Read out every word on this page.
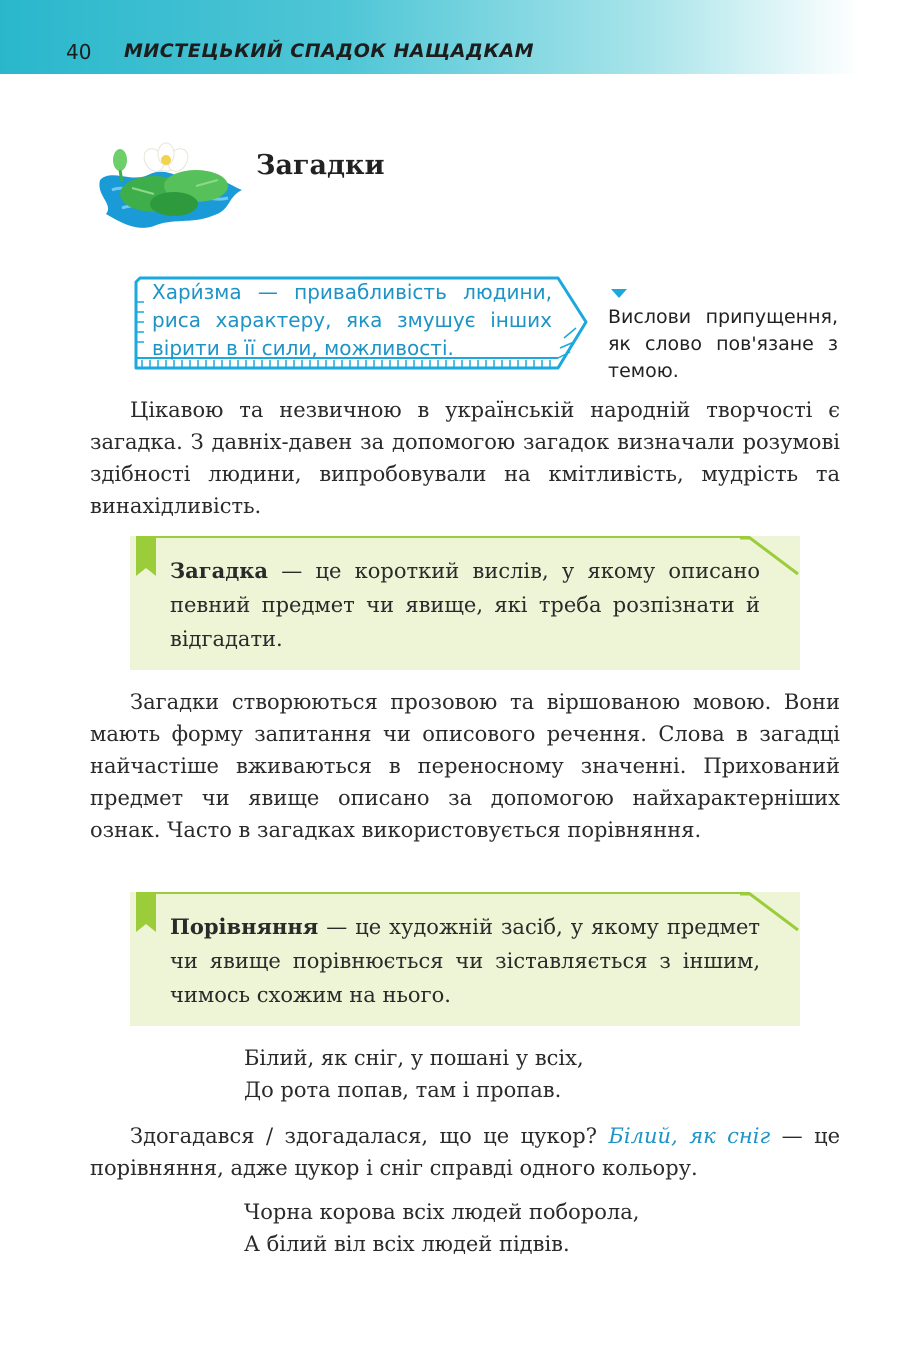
40 МИСТЕЦЬКИЙ СПАДОК НАЩАДКАМ
Загадки

Хари́зма — привабливість людини, риса характеру, яка змушує інших вірити в її сили, можливості.

Вислови припущення, як слово пов'язане з темою.

Цікавою та незвичною в українській народній творчості є загадка. З давніх-давен за допомогою загадок визначали розумові здібності людини, випробовували на кмітливість, мудрість та винахідливість.

Загадка — це короткий вислів, у якому описано певний предмет чи явище, які треба розпізнати й відгадати.

Загадки створюються прозовою та віршованою мовою. Вони мають форму запитання чи описового речення. Слова в загадці найчастіше вживаються в переносному значенні. Прихований предмет чи явище описано за допомогою найхарактерніших ознак. Часто в загадках використовується порівняння.

Порівняння — це художній засіб, у якому предмет чи явище порівнюється чи зіставляється з іншим, чимось схожим на нього.

Білий, як сніг, у пошані у всіх,
До рота попав, там і пропав.

Здогадався / здогадалася, що це цукор? Білий, як сніг — це порівняння, адже цукор і сніг справді одного кольору.

Чорна корова всіх людей поборола,
А білий віл всіх людей підвів.
